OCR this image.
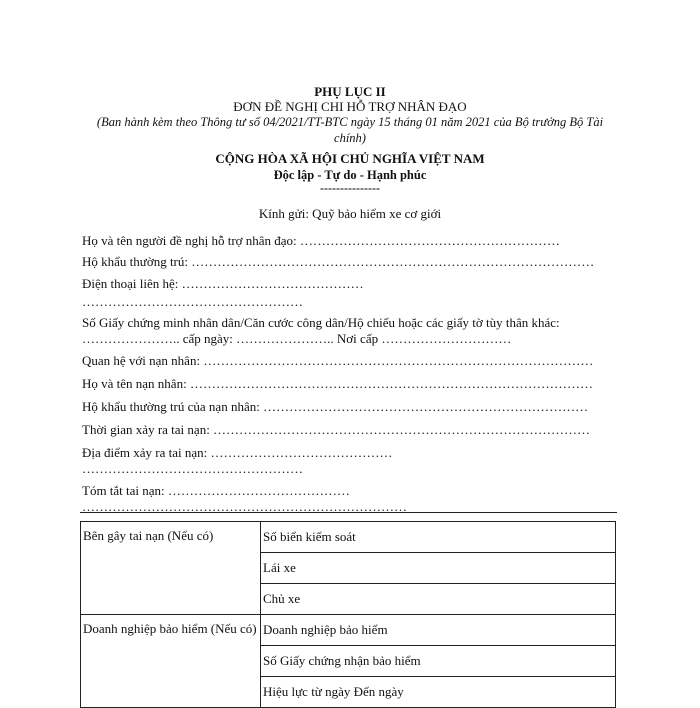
PHỤ LỤC II
ĐƠN ĐỀ NGHỊ CHI HỖ TRỢ NHÂN ĐẠO
(Ban hành kèm theo Thông tư số 04/2021/TT-BTC ngày 15 tháng 01 năm 2021 của Bộ trưởng Bộ Tài chính)
CỘNG HÒA XÃ HỘI CHỦ NGHĨA VIỆT NAM
Độc lập - Tự do - Hạnh phúc
---------------
Kính gửi: Quỹ bảo hiểm xe cơ giới
Họ và tên người đề nghị hỗ trợ nhân đạo: ……………………………………………………
Hộ khẩu thường trú: …………………………………………………………………………………
Điện thoại liên hệ: ……………………………………
……………………………………………
Số Giấy chứng minh nhân dân/Căn cước công dân/Hộ chiếu hoặc các giấy tờ tùy thân khác:
………………….. cấp ngày: ………………….. Nơi cấp …………………………
Quan hệ với nạn nhân: ………………………………………………………………………………
Họ và tên nạn nhân: …………………………………………………………………………………
Hộ khẩu thường trú của nạn nhân: …………………………………………………………………
Thời gian xảy ra tai nạn: ……………………………………………………………………………
Địa điểm xảy ra tai nạn: ……………………………………
……………………………………………
Tóm tắt tai nạn: ……………………………………
…………………………………………………………………
Bên gây tai nạn (Nếu có)	Số biển kiểm soát
	Lái xe
	Chủ xe
Doanh nghiệp bảo hiểm (Nếu có)	Doanh nghiệp bảo hiểm
	Số Giấy chứng nhận bảo hiểm
	Hiệu lực từ ngày Đến ngày
